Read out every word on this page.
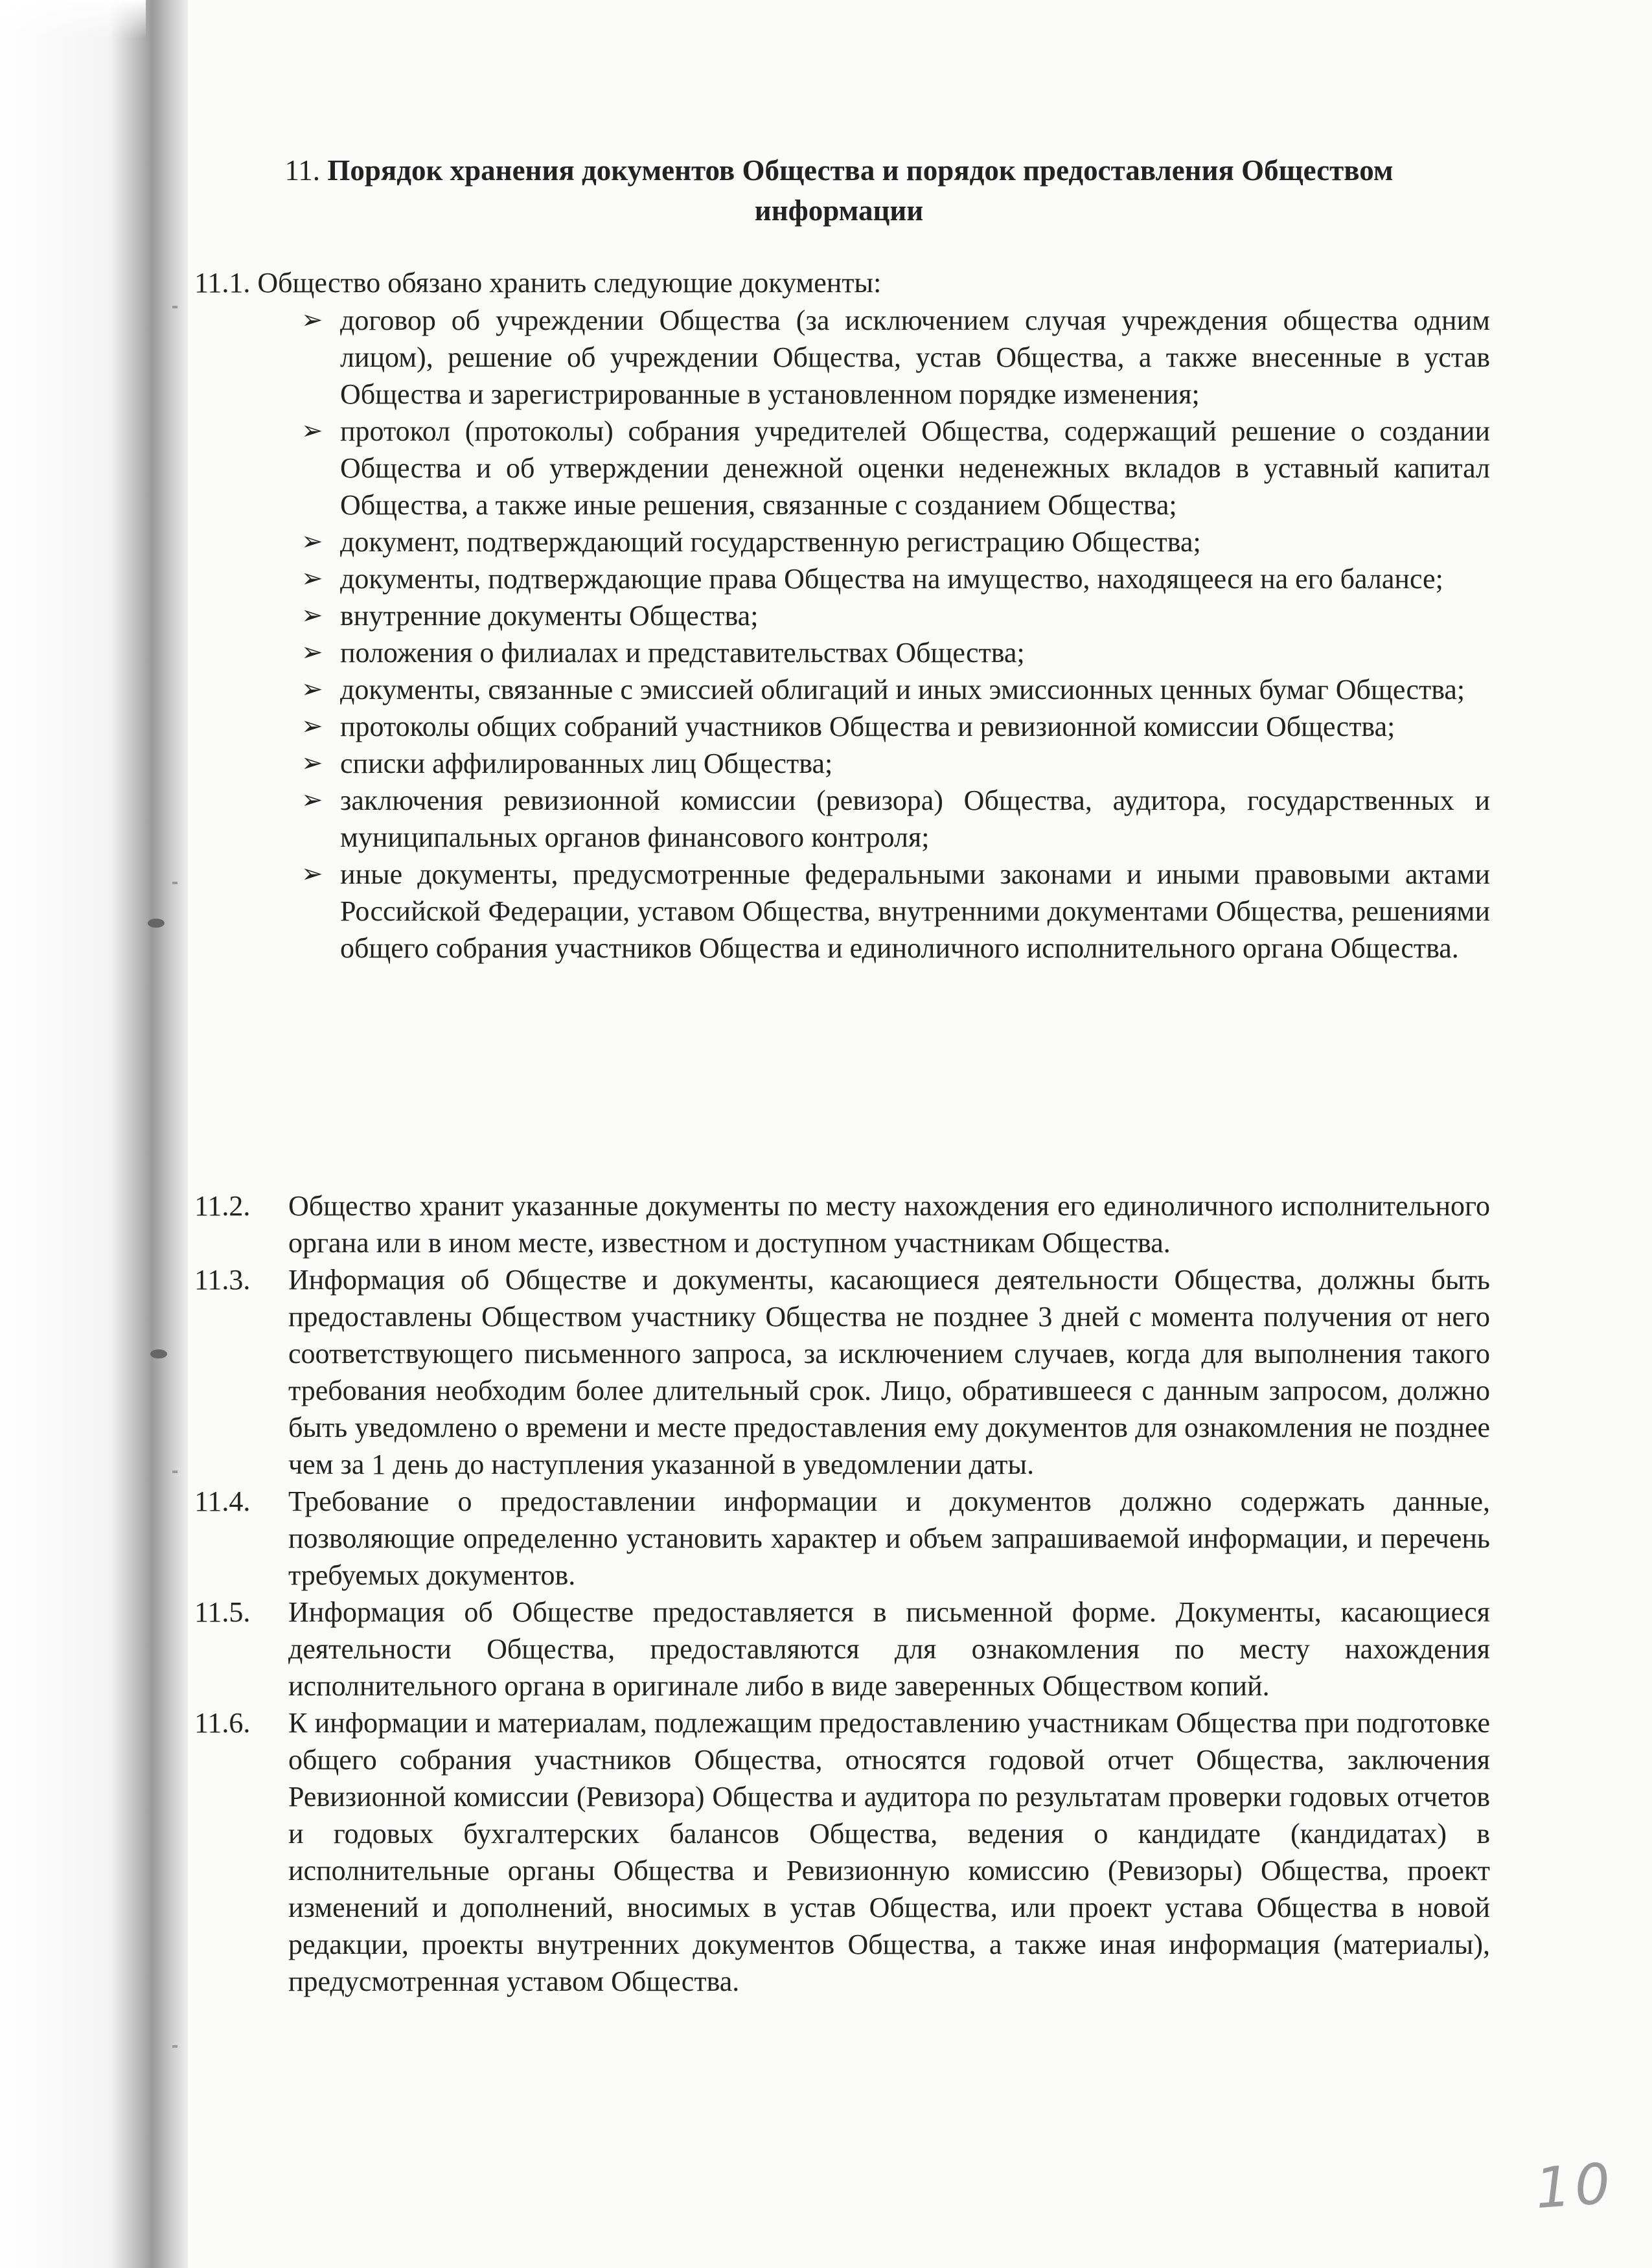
11. Порядок хранения документов Общества и порядок предоставления Обществом информации
11.1. Общество обязано хранить следующие документы:
➢ договор об учреждении Общества (за исключением случая учреждения общества одним лицом), решение об учреждении Общества, устав Общества, а также внесенные в устав Общества и зарегистрированные в установленном порядке изменения;
➢ протокол (протоколы) собрания учредителей Общества, содержащий решение о создании Общества и об утверждении денежной оценки неденежных вкладов в уставный капитал Общества, а также иные решения, связанные с созданием Общества;
➢ документ, подтверждающий государственную регистрацию Общества;
➢ документы, подтверждающие права Общества на имущество, находящееся на его балансе;
➢ внутренние документы Общества;
➢ положения о филиалах и представительствах Общества;
➢ документы, связанные с эмиссией облигаций и иных эмиссионных ценных бумаг Общества;
➢ протоколы общих собраний участников Общества и ревизионной комиссии Общества;
➢ списки аффилированных лиц Общества;
➢ заключения ревизионной комиссии (ревизора) Общества, аудитора, государственных и муниципальных органов финансового контроля;
➢ иные документы, предусмотренные федеральными законами и иными правовыми актами Российской Федерации, уставом Общества, внутренними документами Общества, решениями общего собрания участников Общества и единоличного исполнительного органа Общества.
11.2. Общество хранит указанные документы по месту нахождения его единоличного исполнительного органа или в ином месте, известном и доступном участникам Общества.
11.3. Информация об Обществе и документы, касающиеся деятельности Общества, должны быть предоставлены Обществом участнику Общества не позднее 3 дней с момента получения от него соответствующего письменного запроса, за исключением случаев, когда для выполнения такого требования необходим более длительный срок. Лицо, обратившееся с данным запросом, должно быть уведомлено о времени и месте предоставления ему документов для ознакомления не позднее чем за 1 день до наступления указанной в уведомлении даты.
11.4. Требование о предоставлении информации и документов должно содержать данные, позволяющие определенно установить характер и объем запрашиваемой информации, и перечень требуемых документов.
11.5. Информация об Обществе предоставляется в письменной форме. Документы, касающиеся деятельности Общества, предоставляются для ознакомления по месту нахождения исполнительного органа в оригинале либо в виде заверенных Обществом копий.
11.6. К информации и материалам, подлежащим предоставлению участникам Общества при подготовке общего собрания участников Общества, относятся годовой отчет Общества, заключения Ревизионной комиссии (Ревизора) Общества и аудитора по результатам проверки годовых отчетов и годовых бухгалтерских балансов Общества, ведения о кандидате (кандидатах) в исполнительные органы Общества и Ревизионную комиссию (Ревизоры) Общества, проект изменений и дополнений, вносимых в устав Общества, или проект устава Общества в новой редакции, проекты внутренних документов Общества, а также иная информация (материалы), предусмотренная уставом Общества.
10
